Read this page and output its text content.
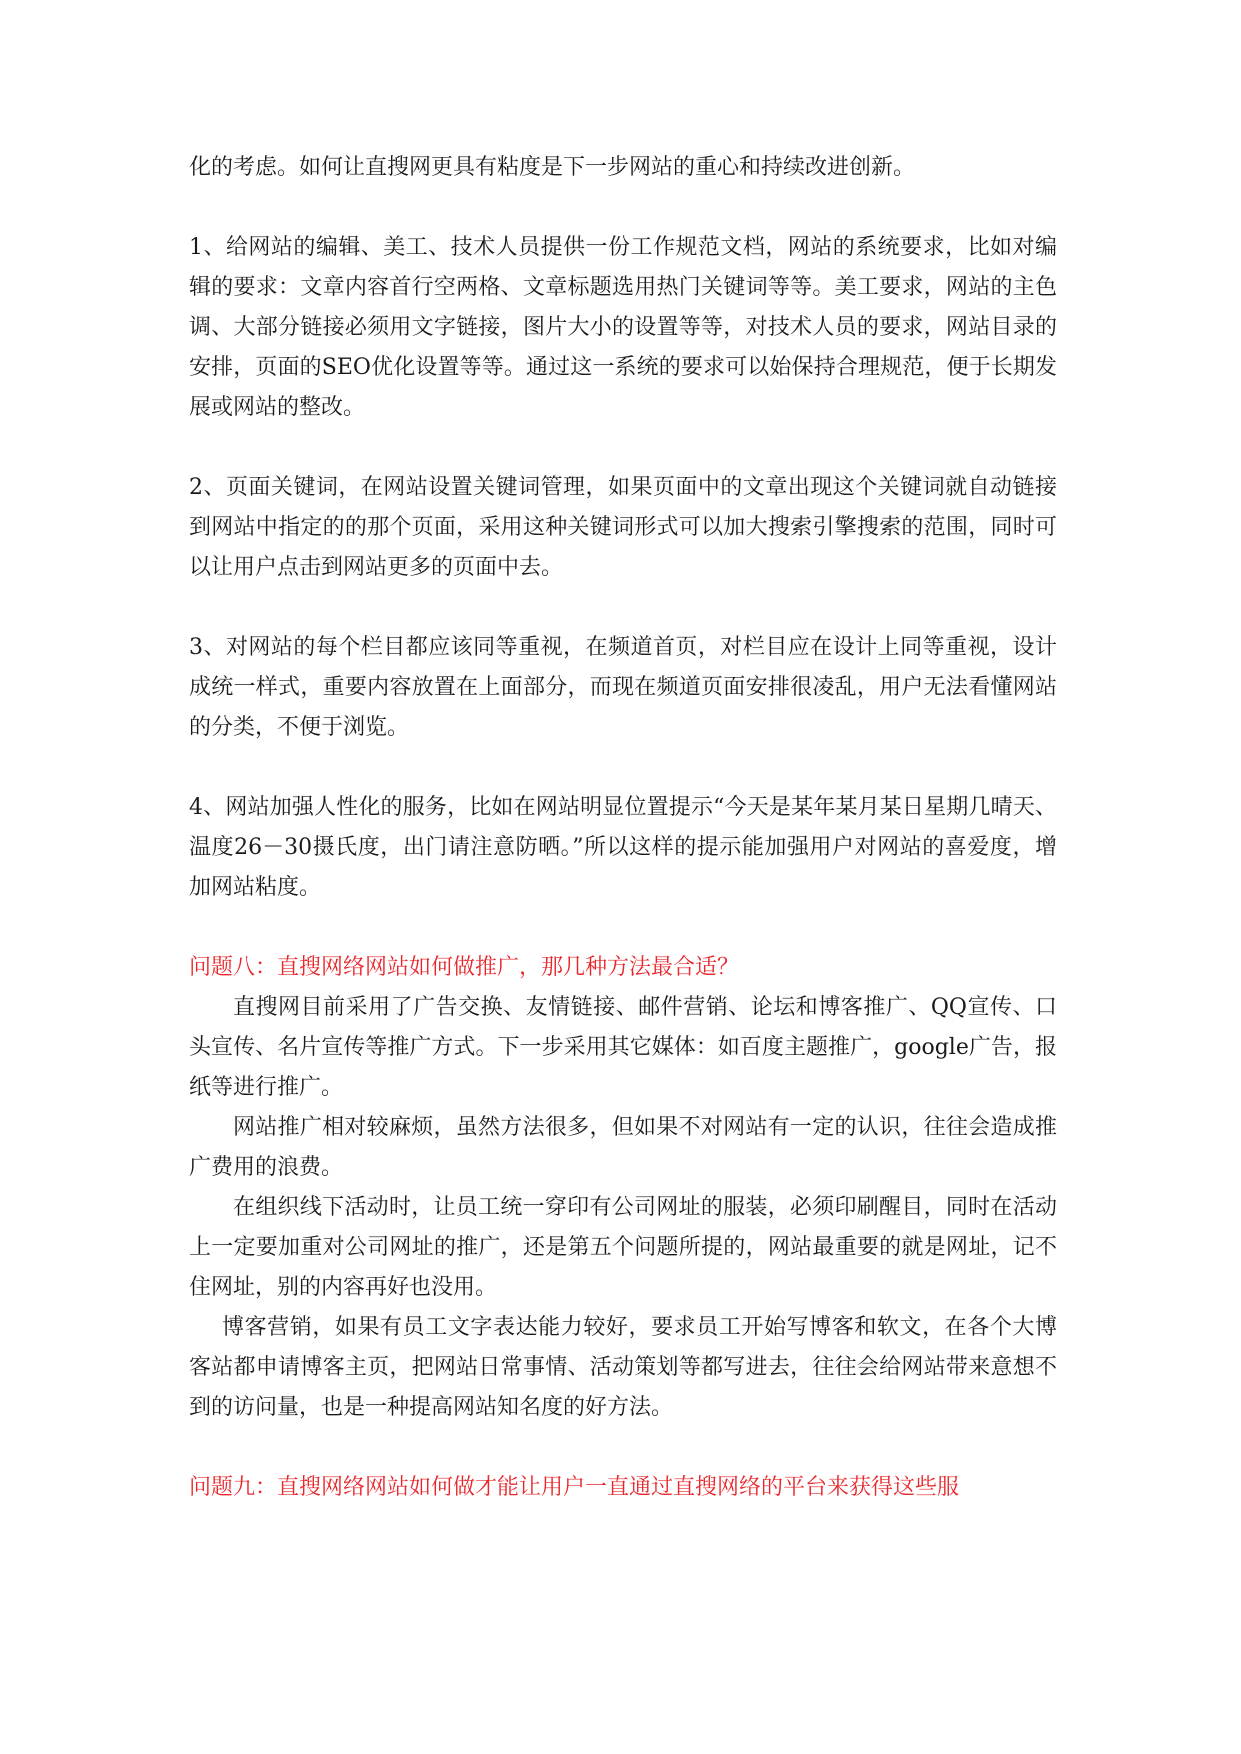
化的考虑。如何让直搜网更具有粘度是下一步网站的重心和持续改进创新。

1、给网站的编辑、美工、技术人员提供一份工作规范文档，网站的系统要求，比如对编辑的要求：文章内容首行空两格、文章标题选用热门关键词等等。美工要求，网站的主色调、大部分链接必须用文字链接，图片大小的设置等等，对技术人员的要求，网站目录的安排，页面的SEO优化设置等等。通过这一系统的要求可以始保持合理规范，便于长期发展或网站的整改。

2、页面关键词，在网站设置关键词管理，如果页面中的文章出现这个关键词就自动链接到网站中指定的的那个页面，采用这种关键词形式可以加大搜索引擎搜索的范围，同时可以让用户点击到网站更多的页面中去。

3、对网站的每个栏目都应该同等重视，在频道首页，对栏目应在设计上同等重视，设计成统一样式，重要内容放置在上面部分，而现在频道页面安排很凌乱，用户无法看懂网站的分类，不便于浏览。

4、网站加强人性化的服务，比如在网站明显位置提示“今天是某年某月某日星期几晴天、温度26－30摄氏度，出门请注意防晒。”所以这样的提示能加强用户对网站的喜爱度，增加网站粘度。

问题八：直搜网络网站如何做推广，那几种方法最合适？

直搜网目前采用了广告交换、友情链接、邮件营销、论坛和博客推广、QQ宣传、口头宣传、名片宣传等推广方式。下一步采用其它媒体：如百度主题推广，google广告，报纸等进行推广。

网站推广相对较麻烦，虽然方法很多，但如果不对网站有一定的认识，往往会造成推广费用的浪费。

在组织线下活动时，让员工统一穿印有公司网址的服装，必须印刷醒目，同时在活动上一定要加重对公司网址的推广，还是第五个问题所提的，网站最重要的就是网址，记不住网址，别的内容再好也没用。

博客营销，如果有员工文字表达能力较好，要求员工开始写博客和软文，在各个大博客站都申请博客主页，把网站日常事情、活动策划等都写进去，往往会给网站带来意想不到的访问量，也是一种提高网站知名度的好方法。

问题九：直搜网络网站如何做才能让用户一直通过直搜网络的平台来获得这些服
